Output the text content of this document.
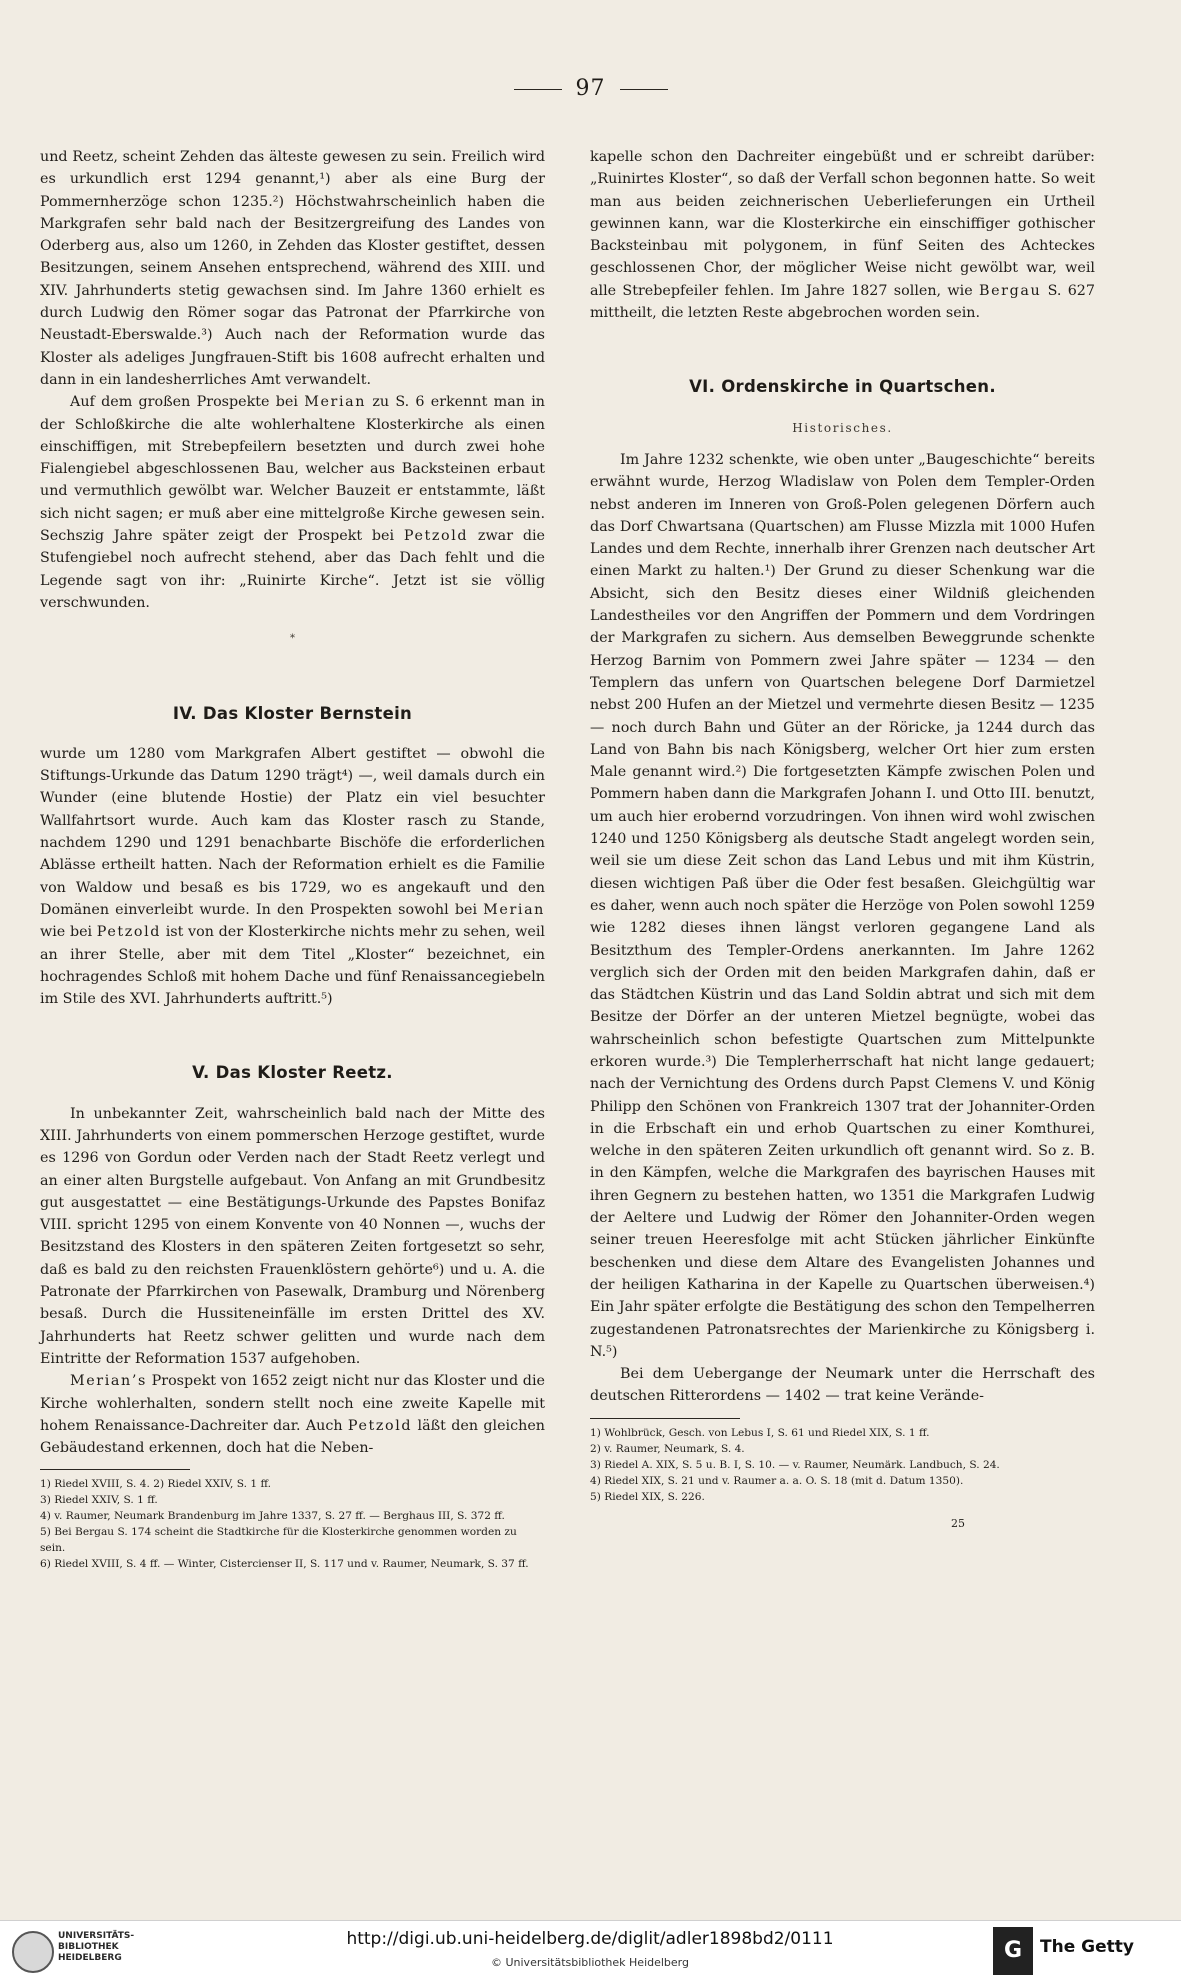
97

und Reetz, scheint Zehden das älteste gewesen zu sein. Freilich wird es urkundlich erst 1294 genannt,¹) aber als eine Burg der Pommernherzöge schon 1235.²) Höchstwahrscheinlich haben die Markgrafen sehr bald nach der Besitzergreifung des Landes von Oderberg aus, also um 1260, in Zehden das Kloster gestiftet, dessen Besitzungen, seinem Ansehen entsprechend, während des XIII. und XIV. Jahrhunderts stetig gewachsen sind. Im Jahre 1360 erhielt es durch Ludwig den Römer sogar das Patronat der Pfarrkirche von Neustadt-Eberswalde.³) Auch nach der Reformation wurde das Kloster als adeliges Jungfrauen-Stift bis 1608 aufrecht erhalten und dann in ein landesherrliches Amt verwandelt.

Auf dem großen Prospekte bei Merian zu S. 6 erkennt man in der Schloßkirche die alte wohlerhaltene Klosterkirche als einen einschiffigen, mit Strebepfeilern besetzten und durch zwei hohe Fialengiebel abgeschlossenen Bau, welcher aus Backsteinen erbaut und vermuthlich gewölbt war. Welcher Bauzeit er entstammte, läßt sich nicht sagen; er muß aber eine mittelgroße Kirche gewesen sein. Sechszig Jahre später zeigt der Prospekt bei Petzold zwar die Stufengiebel noch aufrecht stehend, aber das Dach fehlt und die Legende sagt von ihr: „Ruinirte Kirche“. Jetzt ist sie völlig verschwunden.

*

IV. Das Kloster Bernstein

wurde um 1280 vom Markgrafen Albert gestiftet — obwohl die Stiftungs-Urkunde das Datum 1290 trägt⁴) —, weil damals durch ein Wunder (eine blutende Hostie) der Platz ein viel besuchter Wallfahrtsort wurde. Auch kam das Kloster rasch zu Stande, nachdem 1290 und 1291 benachbarte Bischöfe die erforderlichen Ablässe ertheilt hatten. Nach der Reformation erhielt es die Familie von Waldow und besaß es bis 1729, wo es angekauft und den Domänen einverleibt wurde. In den Prospekten sowohl bei Merian wie bei Petzold ist von der Klosterkirche nichts mehr zu sehen, weil an ihrer Stelle, aber mit dem Titel „Kloster“ bezeichnet, ein hochragendes Schloß mit hohem Dache und fünf Renaissancegiebeln im Stile des XVI. Jahrhunderts auftritt.⁵)

V. Das Kloster Reetz.

In unbekannter Zeit, wahrscheinlich bald nach der Mitte des XIII. Jahrhunderts von einem pommerschen Herzoge gestiftet, wurde es 1296 von Gordun oder Verden nach der Stadt Reetz verlegt und an einer alten Burgstelle aufgebaut. Von Anfang an mit Grundbesitz gut ausgestattet — eine Bestätigungs-Urkunde des Papstes Bonifaz VIII. spricht 1295 von einem Konvente von 40 Nonnen —, wuchs der Besitzstand des Klosters in den späteren Zeiten fortgesetzt so sehr, daß es bald zu den reichsten Frauenklöstern gehörte⁶) und u. A. die Patronate der Pfarrkirchen von Pasewalk, Dramburg und Nörenberg besaß. Durch die Hussiteneinfälle im ersten Drittel des XV. Jahrhunderts hat Reetz schwer gelitten und wurde nach dem Eintritte der Reformation 1537 aufgehoben.

Merian’s Prospekt von 1652 zeigt nicht nur das Kloster und die Kirche wohlerhalten, sondern stellt noch eine zweite Kapelle mit hohem Renaissance-Dachreiter dar. Auch Petzold läßt den gleichen Gebäudestand erkennen, doch hat die Neben-

1) Riedel XVIII, S. 4. 2) Riedel XXIV, S. 1 ff.
3) Riedel XXIV, S. 1 ff.
4) v. Raumer, Neumark Brandenburg im Jahre 1337, S. 27 ff. — Berghaus III, S. 372 ff.
5) Bei Bergau S. 174 scheint die Stadtkirche für die Klosterkirche genommen worden zu sein.
6) Riedel XVIII, S. 4 ff. — Winter, Cistercienser II, S. 117 und v. Raumer, Neumark, S. 37 ff.

kapelle schon den Dachreiter eingebüßt und er schreibt darüber: „Ruinirtes Kloster“, so daß der Verfall schon begonnen hatte. So weit man aus beiden zeichnerischen Ueberlieferungen ein Urtheil gewinnen kann, war die Klosterkirche ein einschiffiger gothischer Backsteinbau mit polygonem, in fünf Seiten des Achteckes geschlossenen Chor, der möglicher Weise nicht gewölbt war, weil alle Strebepfeiler fehlen. Im Jahre 1827 sollen, wie Bergau S. 627 mittheilt, die letzten Reste abgebrochen worden sein.

VI. Ordenskirche in Quartschen.

Historisches.

Im Jahre 1232 schenkte, wie oben unter „Baugeschichte“ bereits erwähnt wurde, Herzog Wladislaw von Polen dem Templer-Orden nebst anderen im Inneren von Groß-Polen gelegenen Dörfern auch das Dorf Chwartsana (Quartschen) am Flusse Mizzla mit 1000 Hufen Landes und dem Rechte, innerhalb ihrer Grenzen nach deutscher Art einen Markt zu halten.¹) Der Grund zu dieser Schenkung war die Absicht, sich den Besitz dieses einer Wildniß gleichenden Landestheiles vor den Angriffen der Pommern und dem Vordringen der Markgrafen zu sichern. Aus demselben Beweggrunde schenkte Herzog Barnim von Pommern zwei Jahre später — 1234 — den Templern das unfern von Quartschen belegene Dorf Darmietzel nebst 200 Hufen an der Mietzel und vermehrte diesen Besitz — 1235 — noch durch Bahn und Güter an der Röricke, ja 1244 durch das Land von Bahn bis nach Königsberg, welcher Ort hier zum ersten Male genannt wird.²) Die fortgesetzten Kämpfe zwischen Polen und Pommern haben dann die Markgrafen Johann I. und Otto III. benutzt, um auch hier erobernd vorzudringen. Von ihnen wird wohl zwischen 1240 und 1250 Königsberg als deutsche Stadt angelegt worden sein, weil sie um diese Zeit schon das Land Lebus und mit ihm Küstrin, diesen wichtigen Paß über die Oder fest besaßen. Gleichgültig war es daher, wenn auch noch später die Herzöge von Polen sowohl 1259 wie 1282 dieses ihnen längst verloren gegangene Land als Besitzthum des Templer-Ordens anerkannten. Im Jahre 1262 verglich sich der Orden mit den beiden Markgrafen dahin, daß er das Städtchen Küstrin und das Land Soldin abtrat und sich mit dem Besitze der Dörfer an der unteren Mietzel begnügte, wobei das wahrscheinlich schon befestigte Quartschen zum Mittelpunkte erkoren wurde.³) Die Templerherrschaft hat nicht lange gedauert; nach der Vernichtung des Ordens durch Papst Clemens V. und König Philipp den Schönen von Frankreich 1307 trat der Johanniter-Orden in die Erbschaft ein und erhob Quartschen zu einer Komthurei, welche in den späteren Zeiten urkundlich oft genannt wird. So z. B. in den Kämpfen, welche die Markgrafen des bayrischen Hauses mit ihren Gegnern zu bestehen hatten, wo 1351 die Markgrafen Ludwig der Aeltere und Ludwig der Römer den Johanniter-Orden wegen seiner treuen Heeresfolge mit acht Stücken jährlicher Einkünfte beschenken und diese dem Altare des Evangelisten Johannes und der heiligen Katharina in der Kapelle zu Quartschen überweisen.⁴) Ein Jahr später erfolgte die Bestätigung des schon den Tempelherren zugestandenen Patronatsrechtes der Marienkirche zu Königsberg i. N.⁵)

Bei dem Uebergange der Neumark unter die Herrschaft des deutschen Ritterordens — 1402 — trat keine Verände-

1) Wohlbrück, Gesch. von Lebus I, S. 61 und Riedel XIX, S. 1 ff.
2) v. Raumer, Neumark, S. 4.
3) Riedel A. XIX, S. 5 u. B. I, S. 10. — v. Raumer, Neumärk. Landbuch, S. 24.
4) Riedel XIX, S. 21 und v. Raumer a. a. O. S. 18 (mit d. Datum 1350).
5) Riedel XIX, S. 226.
25
UNIVERSITÄTS-
BIBLIOTHEK
HEIDELBERG
http://digi.ub.uni-heidelberg.de/diglit/adler1898bd2/0111
© Universitätsbibliothek Heidelberg	G	The Getty
